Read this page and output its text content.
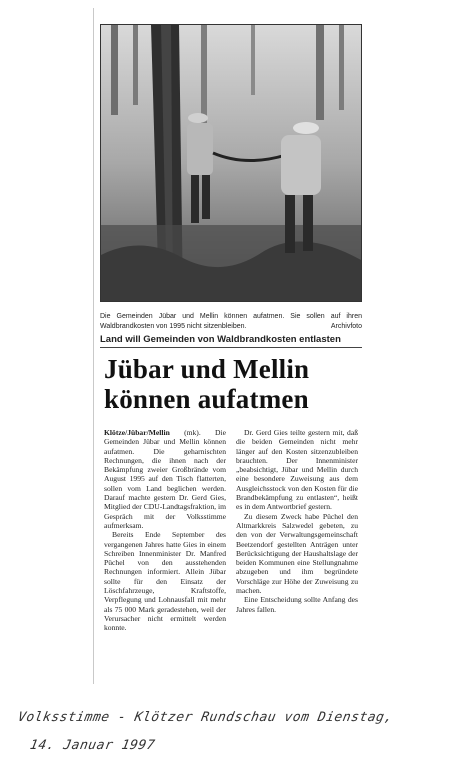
Die Gemeinden Jübar und Mellin können aufatmen. Sie sollen auf ihren Waldbrandkosten von 1995 nicht sitzenbleiben.	Archivfoto
Land will Gemeinden von Waldbrandkosten entlasten
Jübar und Mellin
können aufatmen

Klötze/Jübar/Mellin (mk). Die Gemeinden Jübar und Mellin können aufatmen. Die geharnischten Rechnungen, die ihnen nach der Bekämpfung zweier Großbrände vom August 1995 auf den Tisch flatterten, sollen vom Land beglichen werden. Darauf machte gestern Dr. Gerd Gies, Mitglied der CDU-Landtagsfraktion, im Gespräch mit der Volksstimme aufmerksam.

Bereits Ende September des vergangenen Jahres hatte Gies in einem Schreiben Innenminister Dr. Manfred Püchel von den ausstehenden Rechnungen informiert. Allein Jübar sollte für den Einsatz der Löschfahrzeuge, Kraftstoffe, Verpflegung und Lohnausfall mit mehr als 75 000 Mark geradestehen, weil der Verursacher nicht ermittelt werden konnte.

Dr. Gerd Gies teilte gestern mit, daß die beiden Gemeinden nicht mehr länger auf den Kosten sitzenzubleiben brauchten. Der Innenminister „beabsichtigt, Jübar und Mellin durch eine besondere Zuweisung aus dem Ausgleichsstock von den Kosten für die Brandbekämpfung zu entlasten“, heißt es in dem Antwortbrief gestern.

Zu diesem Zweck habe Püchel den Altmarkkreis Salzwedel gebeten, zu den von der Verwaltungsgemeinschaft Beetzendorf gestellten Anträgen unter Berücksichtigung der Haushaltslage der beiden Kommunen eine Stellungnahme abzugeben und ihm begründete Vorschläge zur Höhe der Zuweisung zu machen.

Eine Entscheidung sollte Anfang des Jahres fallen.

Volksstimme - Klötzer Rundschau vom Dienstag,
14. Januar 1997
